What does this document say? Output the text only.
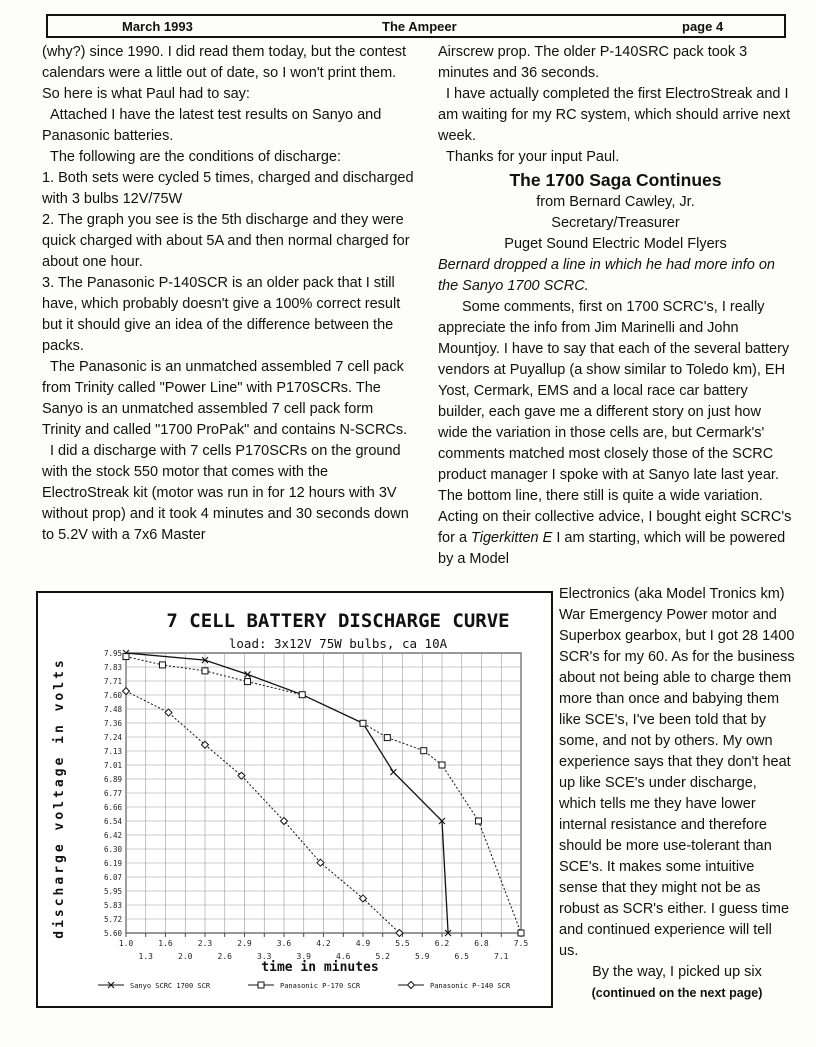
March 1993	The Ampeer	page 4

(why?) since 1990. I did read them today, but the contest calendars were a little out of date, so I won't print them. So here is what Paul had to say:

Attached I have the latest test results on Sanyo and Panasonic batteries.

The following are the conditions of discharge:

1. Both sets were cycled 5 times, charged and discharged with 3 bulbs 12V/75W

2. The graph you see is the 5th discharge and they were quick charged with about 5A and then normal charged for about one hour.

3. The Panasonic P-140SCR is an older pack that I still have, which probably doesn't give a 100% correct result but it should give an idea of the difference between the packs.

The Panasonic is an unmatched assembled 7 cell pack from Trinity called "Power Line" with P170SCRs. The Sanyo is an unmatched assembled 7 cell pack form Trinity and called "1700 ProPak" and contains N-SCRCs.

I did a discharge with 7 cells P170SCRs on the ground with the stock 550 motor that comes with the ElectroStreak kit (motor was run in for 12 hours with 3V without prop) and it took 4 minutes and 30 seconds down to 5.2V with a 7x6 Master

Airscrew prop. The older P-140SRC pack took 3 minutes and 36 seconds.

I have actually completed the first ElectroStreak and I am waiting for my RC system, which should arrive next week.

Thanks for your input Paul.

The 1700 Saga Continues

from Bernard Cawley, Jr.

Secretary/Treasurer

Puget Sound Electric Model Flyers

Bernard dropped a line in which he had more info on the Sanyo 1700 SCRC.

Some comments, first on 1700 SCRC's, I really appreciate the info from Jim Marinelli and John Mountjoy. I have to say that each of the several battery vendors at Puyallup (a show similar to Toledo km), EH Yost, Cermark, EMS and a local race car battery builder, each gave me a different story on just how wide the variation in those cells are, but Cermark's' comments matched most closely those of the SCRC product manager I spoke with at Sanyo late last year. The bottom line, there still is quite a wide variation. Acting on their collective advice, I bought eight SCRC's for a Tigerkitten E I am starting, which will be powered by a Model

Electronics (aka Model Tronics km) War Emergency Power motor and Superbox gearbox, but I got 28 1400 SCR's for my 60. As for the business about not being able to charge them more than once and babying them like SCE's, I've been told that by some, and not by others. My own experience says that they don't heat up like SCE's under discharge, which tells me they have lower internal resistance and therefore should be more use-tolerant than SCE's. It makes some intuitive sense that they might not be as robust as SCR's either. I guess time and continued experience will tell us.

By the way, I picked up six

(continued on the next page)

7 CELL BATTERY DISCHARGE CURVE
load: 3x12V 75W bulbs, ca 10A
discharge voltage in volts
time in minutes
7.95
7.83
7.71
7.60
7.48
7.36
7.24
7.13
7.01
6.89
6.77
6.66
6.54
6.42
6.30
6.19
6.07
5.95
5.83
5.72
5.60
1.0	1.6	2.3	2.9	3.6	4.2	4.9	5.5	6.2	6.8	7.5
1.3	2.0	2.6	3.3	3.9	4.6	5.2	5.9	6.5	7.1
Sanyo SCRC 1700 SCR	Panasonic P-170 SCR	Panasonic P-140 SCR
